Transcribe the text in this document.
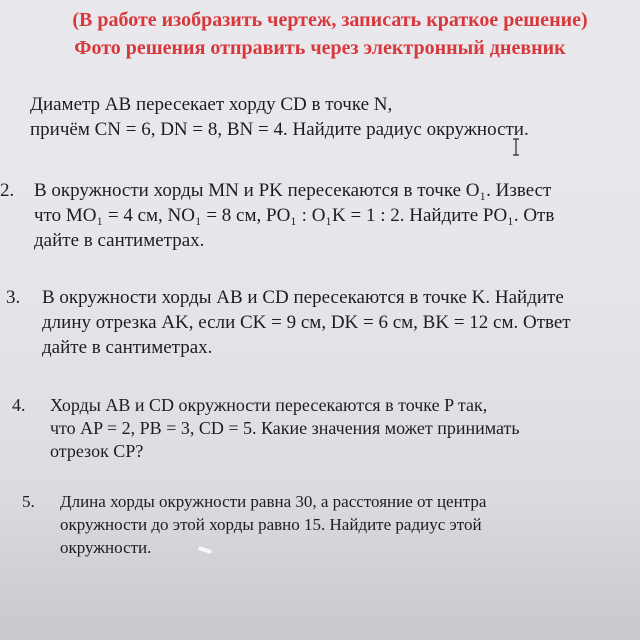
(В работе изобразить чертеж, записать краткое решение)
Фото решения отправить через электронный дневник
Диаметр AB пересекает хорду CD в точке N,
причём CN = 6, DN = 8, BN = 4. Найдите радиус окружности.
2. В окружности хорды MN и PK пересекаются в точке O₁. Извест
что MO₁ = 4 см, NO₁ = 8 см, PO₁ : O₁K = 1 : 2. Найдите PO₁. Отв
дайте в сантиметрах.
3. В окружности хорды AB и CD пересекаются в точке K. Найдите
длину отрезка AK, если CK = 9 см, DK = 6 см, BK = 12 см. Ответ
дайте в сантиметрах.
4. Хорды AB и CD окружности пересекаются в точке P так,
что AP = 2, PB = 3, CD = 5. Какие значения может принимать
отрезок CP?
5. Длина хорды окружности равна 30, а расстояние от центра
окружности до этой хорды равно 15. Найдите радиус этой
окружности.
